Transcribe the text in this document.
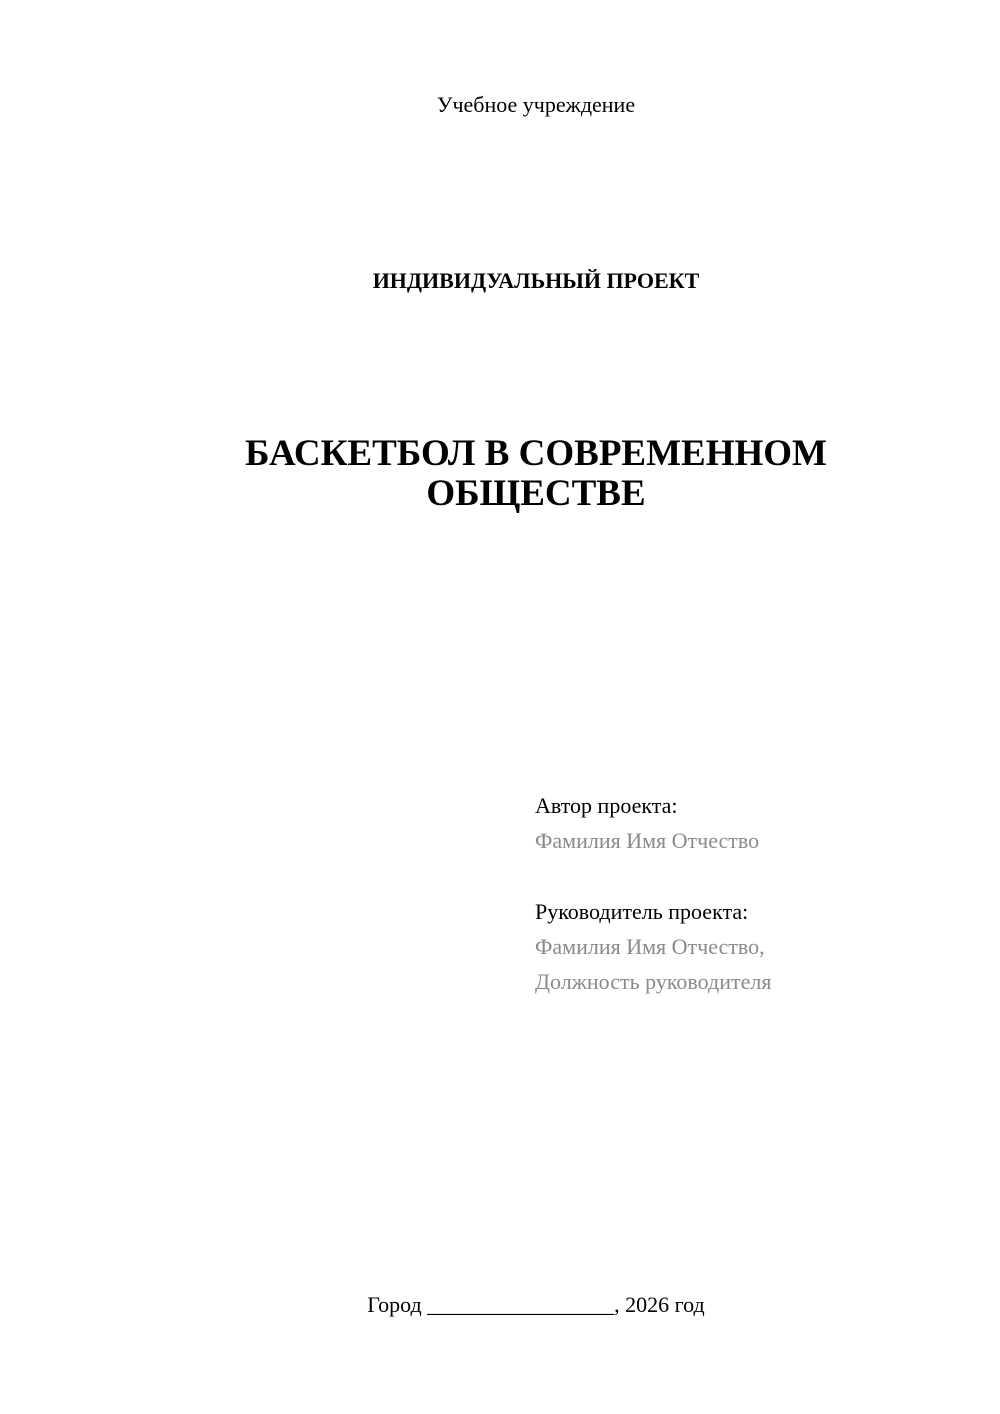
Учебное учреждение
ИНДИВИДУАЛЬНЫЙ ПРОЕКТ
БАСКЕТБОЛ В СОВРЕМЕННОМ
ОБЩЕСТВЕ
Автор проекта:
Фамилия Имя Отчество
Руководитель проекта:
Фамилия Имя Отчество,
Должность руководителя
Город _________________, 2026 год
